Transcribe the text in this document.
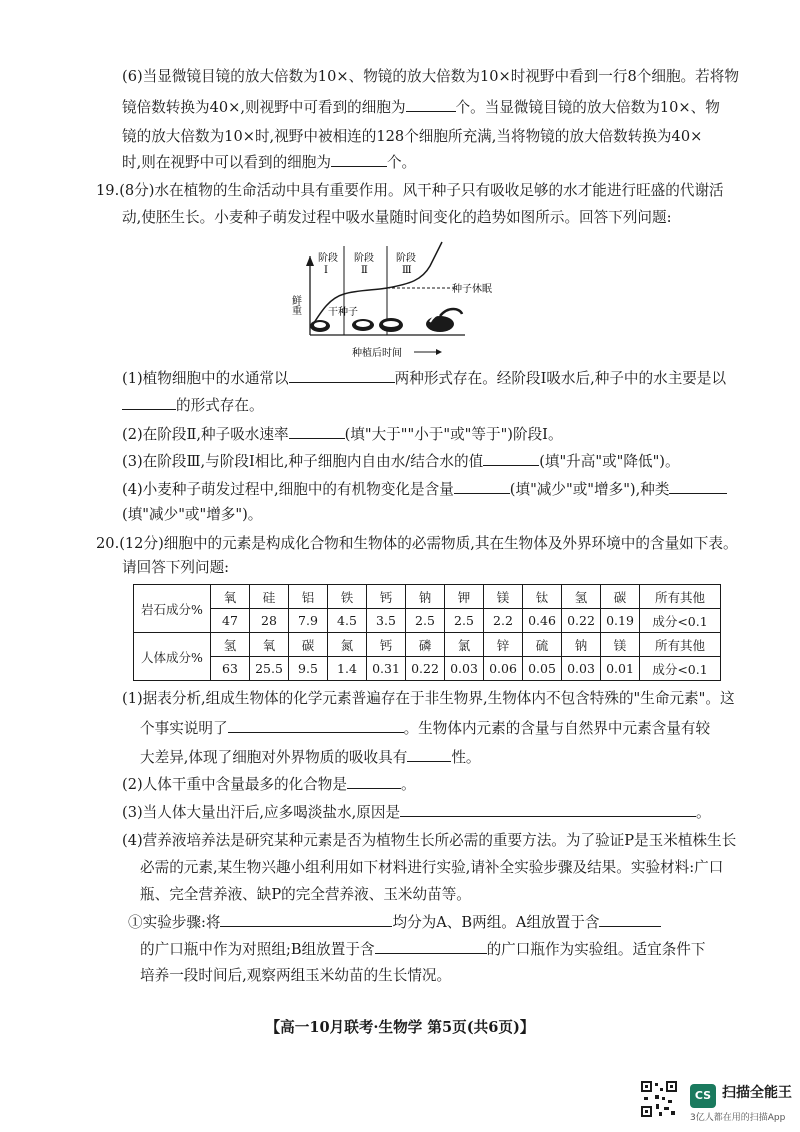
(6)当显微镜目镜的放大倍数为10×、物镜的放大倍数为10×时视野中看到一行8个细胞。若将物
镜倍数转换为40×,则视野中可看到的细胞为	个。当显微镜目镜的放大倍数为10×、物
镜的放大倍数为10×时,视野中被相连的128个细胞所充满,当将物镜的放大倍数转换为40×
时,则在视野中可以看到的细胞为	个。
19.(8分)水在植物的生命活动中具有重要作用。风干种子只有吸收足够的水才能进行旺盛的代谢活
动,使胚生长。小麦种子萌发过程中吸水量随时间变化的趋势如图所示。回答下列问题:
阶段
Ⅰ
阶段
Ⅱ
阶段
Ⅲ
鲜重
种子休眠
干种子
种植后时间
(1)植物细胞中的水通常以	两种形式存在。经阶段Ⅰ吸水后,种子中的水主要是以
的形式存在。
(2)在阶段Ⅱ,种子吸水速率	(填"大于""小于"或"等于")阶段Ⅰ。
(3)在阶段Ⅲ,与阶段Ⅰ相比,种子细胞内自由水/结合水的值	(填"升高"或"降低")。
(4)小麦种子萌发过程中,细胞中的有机物变化是含量	(填"减少"或"增多"),种类
(填"减少"或"增多")。
20.(12分)细胞中的元素是构成化合物和生物体的必需物质,其在生物体及外界环境中的含量如下表。
请回答下列问题:
岩石成分%	氧	硅	铝	铁	钙	钠	钾	镁	钛	氢	碳	所有其他
	47	28	7.9	4.5	3.5	2.5	2.5	2.2	0.46	0.22	0.19	成分<0.1
人体成分%	氢	氧	碳	氮	钙	磷	氯	锌	硫	钠	镁	所有其他
	63	25.5	9.5	1.4	0.31	0.22	0.03	0.06	0.05	0.03	0.01	成分<0.1
(1)据表分析,组成生物体的化学元素普遍存在于非生物界,生物体内不包含特殊的"生命元素"。这
个事实说明了	。生物体内元素的含量与自然界中元素含量有较
大差异,体现了细胞对外界物质的吸收具有	性。
(2)人体干重中含量最多的化合物是	。
(3)当人体大量出汗后,应多喝淡盐水,原因是	。
(4)营养液培养法是研究某种元素是否为植物生长所必需的重要方法。为了验证P是玉米植株生长
必需的元素,某生物兴趣小组利用如下材料进行实验,请补全实验步骤及结果。实验材料:广口
瓶、完全营养液、缺P的完全营养液、玉米幼苗等。
①实验步骤:将	均分为A、B两组。A组放置于含
的广口瓶中作为对照组;B组放置于含	的广口瓶作为实验组。适宜条件下
培养一段时间后,观察两组玉米幼苗的生长情况。
【高一10月联考·生物学 第5页(共6页)】
CS 扫描全能王
3亿人都在用的扫描App
